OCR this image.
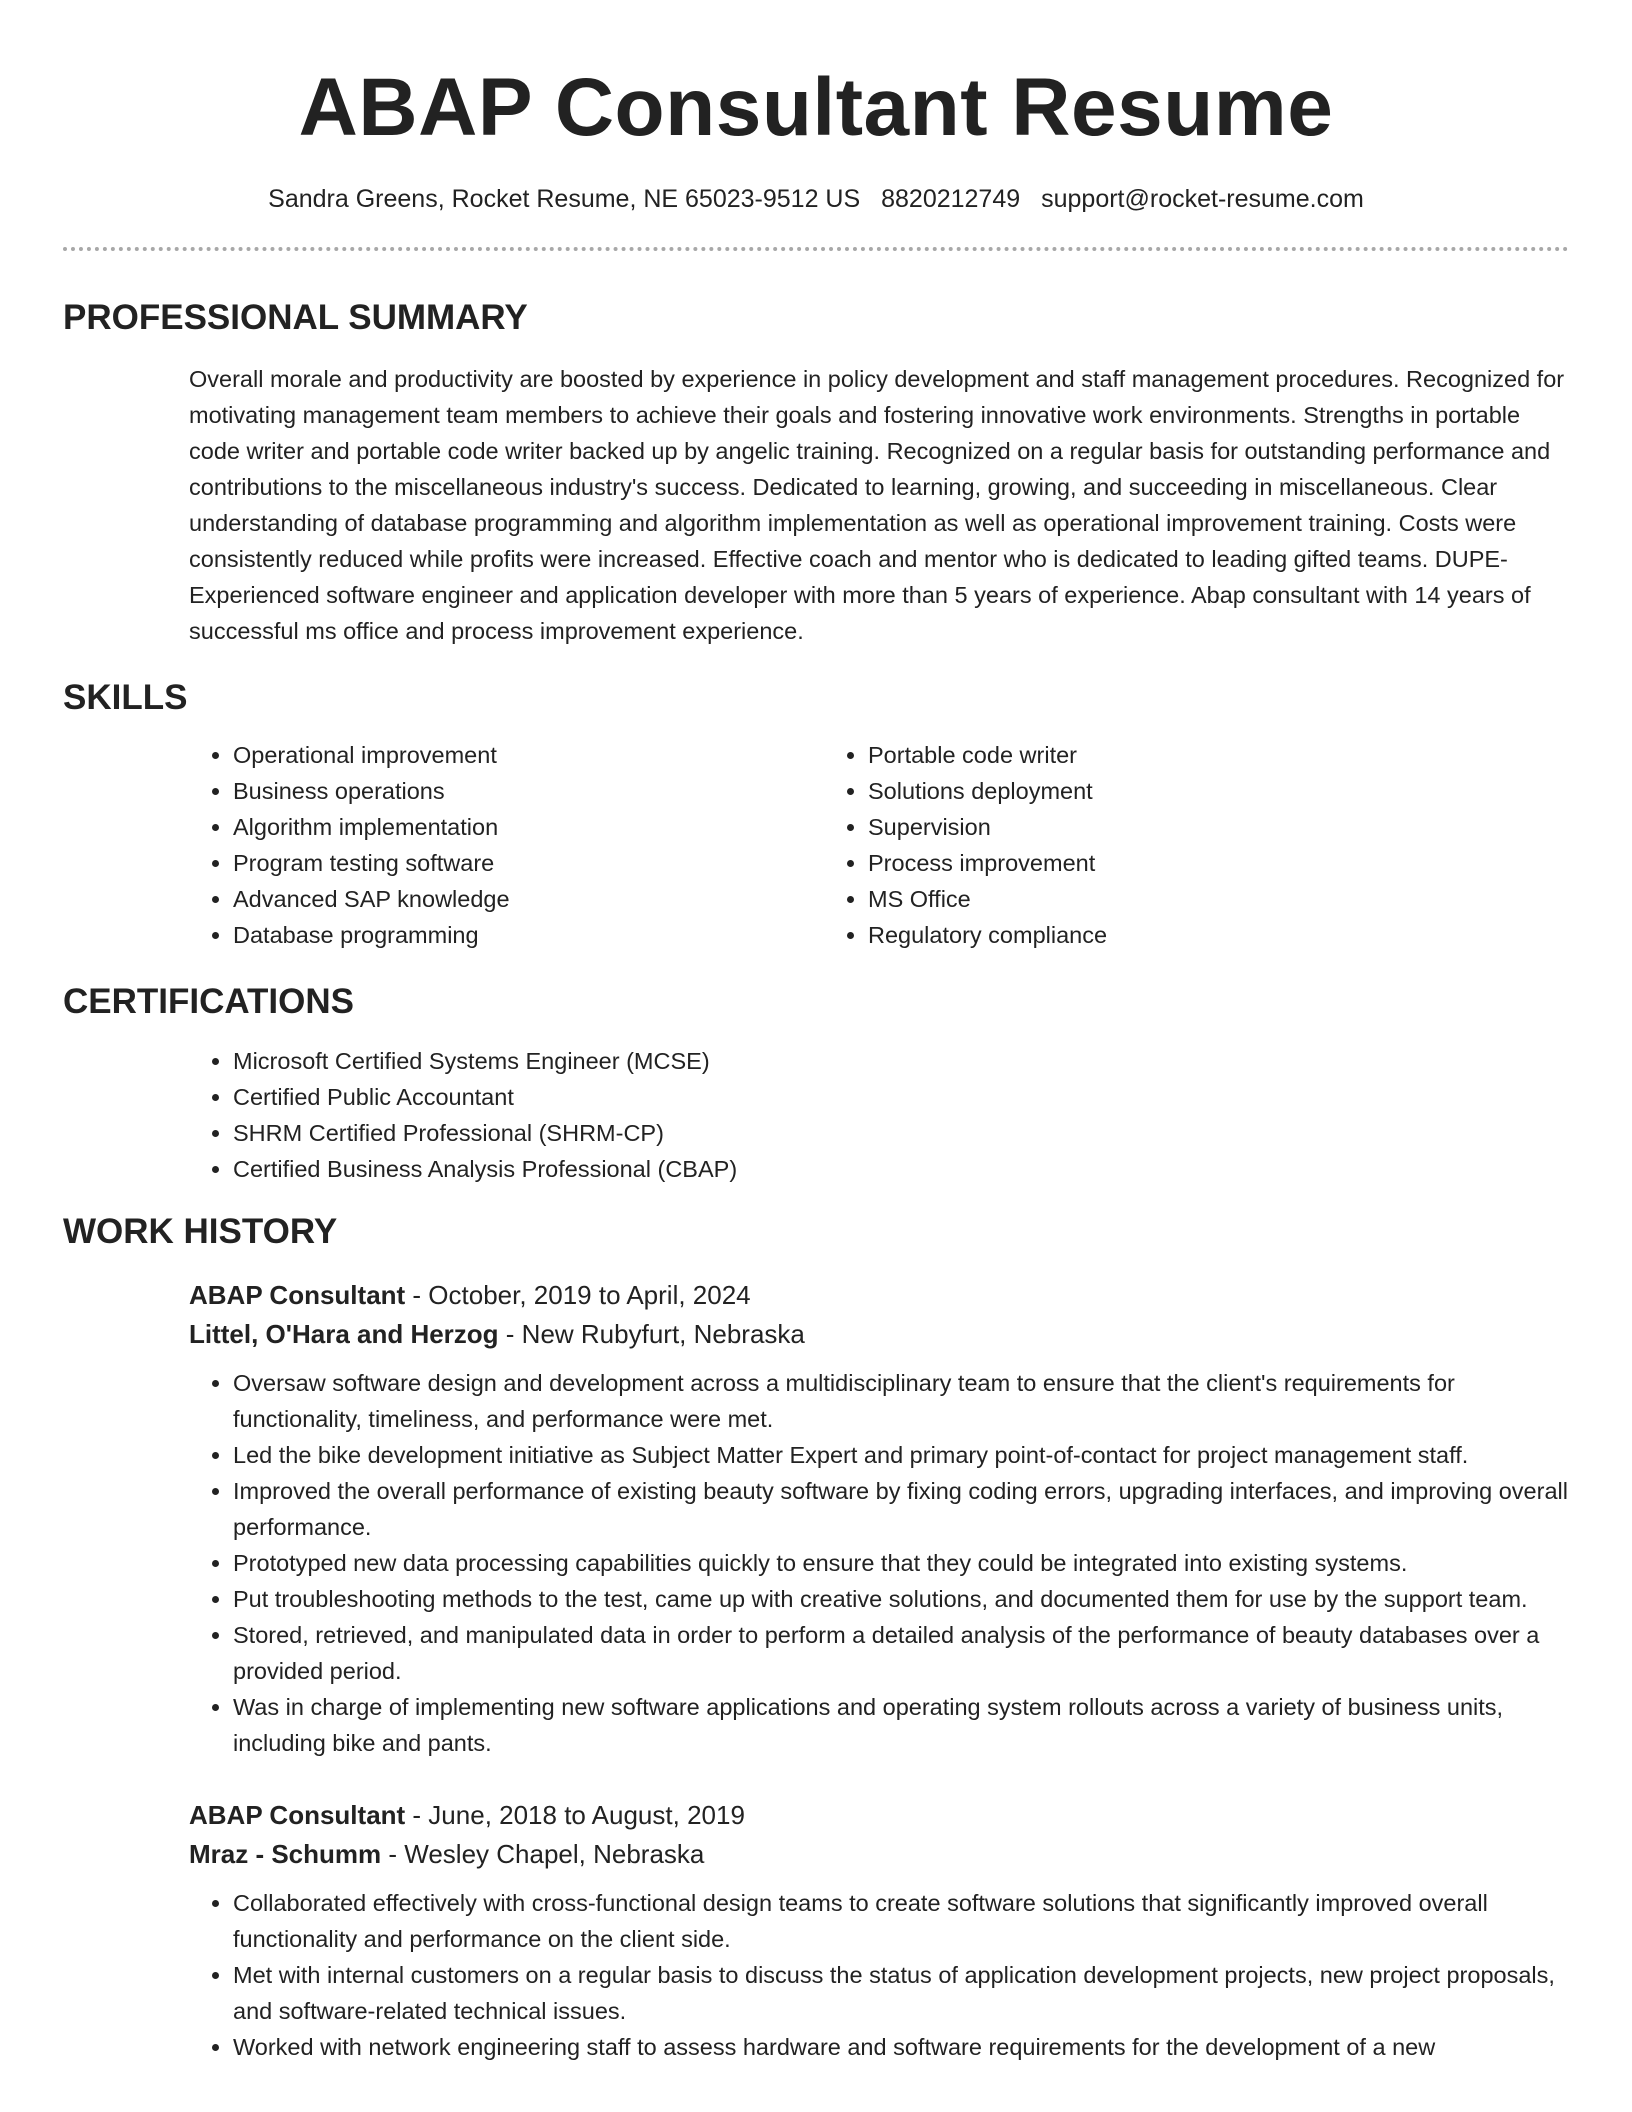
ABAP Consultant Resume
Sandra Greens, Rocket Resume, NE 65023-9512 US 8820212749 support@rocket-resume.com
PROFESSIONAL SUMMARY

Overall morale and productivity are boosted by experience in policy development and staff management procedures. Recognized for motivating management team members to achieve their goals and fostering innovative work environments. Strengths in portable code writer and portable code writer backed up by angelic training. Recognized on a regular basis for outstanding performance and contributions to the miscellaneous industry's success. Dedicated to learning, growing, and succeeding in miscellaneous. Clear understanding of database programming and algorithm implementation as well as operational improvement training. Costs were consistently reduced while profits were increased. Effective coach and mentor who is dedicated to leading gifted teams. DUPE- Experienced software engineer and application developer with more than 5 years of experience. Abap consultant with 14 years of successful ms office and process improvement experience.

SKILLS
• Operational improvement
• Business operations
• Algorithm implementation
• Program testing software
• Advanced SAP knowledge
• Database programming
• Portable code writer
• Solutions deployment
• Supervision
• Process improvement
• MS Office
• Regulatory compliance
CERTIFICATIONS
• Microsoft Certified Systems Engineer (MCSE)
• Certified Public Accountant
• SHRM Certified Professional (SHRM-CP)
• Certified Business Analysis Professional (CBAP)
WORK HISTORY
ABAP Consultant - October, 2019 to April, 2024
Littel, O'Hara and Herzog - New Rubyfurt, Nebraska
• Oversaw software design and development across a multidisciplinary team to ensure that the client's requirements for functionality, timeliness, and performance were met.
• Led the bike development initiative as Subject Matter Expert and primary point-of-contact for project management staff.
• Improved the overall performance of existing beauty software by fixing coding errors, upgrading interfaces, and improving overall performance.
• Prototyped new data processing capabilities quickly to ensure that they could be integrated into existing systems.
• Put troubleshooting methods to the test, came up with creative solutions, and documented them for use by the support team.
• Stored, retrieved, and manipulated data in order to perform a detailed analysis of the performance of beauty databases over a provided period.
• Was in charge of implementing new software applications and operating system rollouts across a variety of business units, including bike and pants.
ABAP Consultant - June, 2018 to August, 2019
Mraz - Schumm - Wesley Chapel, Nebraska
• Collaborated effectively with cross-functional design teams to create software solutions that significantly improved overall functionality and performance on the client side.
• Met with internal customers on a regular basis to discuss the status of application development projects, new project proposals, and software-related technical issues.
• Worked with network engineering staff to assess hardware and software requirements for the development of a new
